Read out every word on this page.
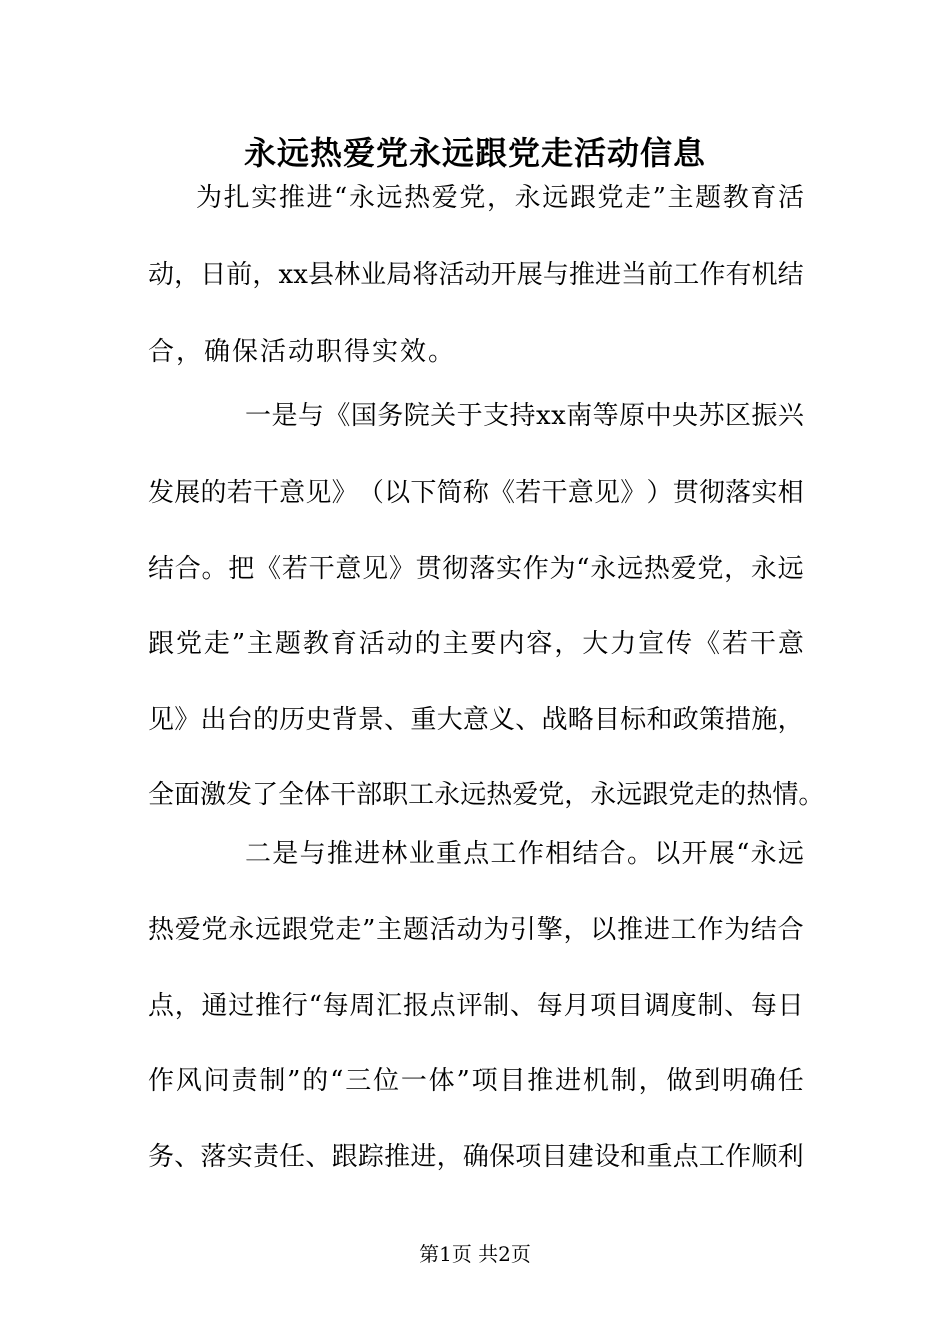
永远热爱党永远跟党走活动信息
为 扎 实 推 进 “ 永 远 热 爱 党 ， 永 远 跟 党 走 ” 主 题 教 育 活
动 ， 日 前 ， x x 县 林 业 局 将 活 动 开 展 与 推 进 当 前 工 作 有 机 结
合，确保活动职得实效。
一 是 与 《 国 务 院 关 于 支 持 x x 南 等 原 中 央 苏 区 振 兴
发 展 的 若 干 意 见 》 （ 以 下 简 称 《 若 干 意 见 》 ） 贯 彻 落 实 相
结 合 。 把 《 若 干 意 见 》 贯 彻 落 实 作 为 “ 永 远 热 爱 党 ， 永 远
跟 党 走 ” 主 题 教 育 活 动 的 主 要 内 容 ， 大 力 宣 传 《 若 干 意
见 》 出 台 的 历 史 背 景 、 重 大 意 义 、 战 略 目 标 和 政 策 措 施 ，
全 面 激 发 了 全 体 干 部 职 工 永 远 热 爱 党 ， 永 远 跟 党 走 的 热 情 。
二 是 与 推 进 林 业 重 点 工 作 相 结 合 。 以 开 展 “ 永 远
热 爱 党 永 远 跟 党 走 ” 主 题 活 动 为 引 擎 ， 以 推 进 工 作 为 结 合
点 ， 通 过 推 行 “ 每 周 汇 报 点 评 制 、 每 月 项 目 调 度 制 、 每 日
作 风 问 责 制 ” 的 “ 三 位 一 体 ” 项 目 推 进 机 制 ， 做 到 明 确 任
务 、 落 实 责 任 、 跟 踪 推 进 ， 确 保 项 目 建 设 和 重 点 工 作 顺 利
第1页 共2页
